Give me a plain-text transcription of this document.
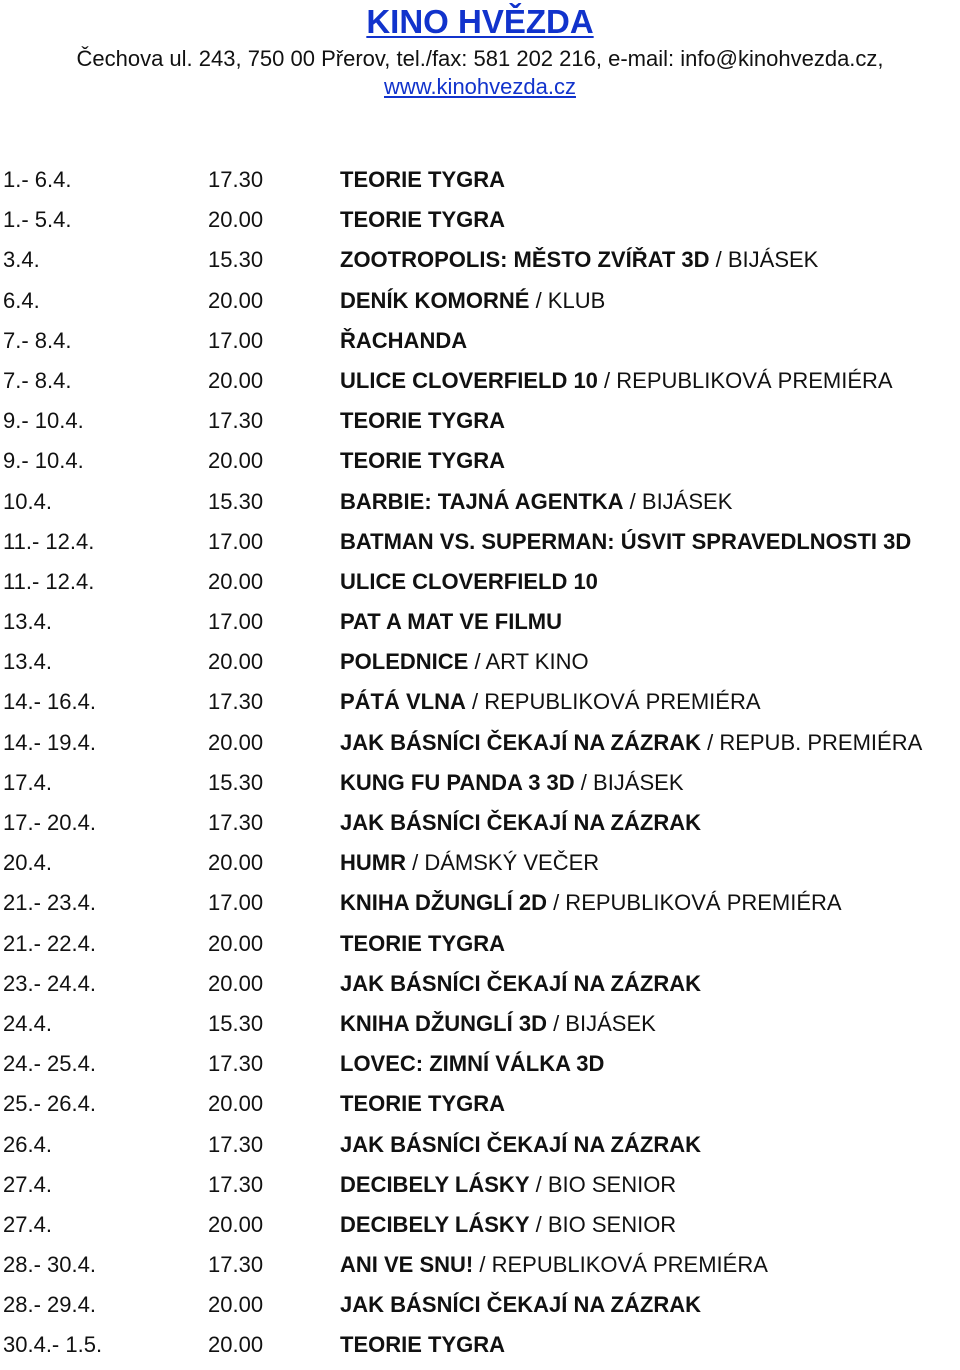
KINO HVĚZDA
Čechova ul. 243, 750 00 Přerov, tel./fax: 581 202 216, e-mail: info@kinohvezda.cz,
www.kinohvezda.cz
1.- 6.4.	17.30	TEORIE TYGRA
1.- 5.4.	20.00	TEORIE TYGRA
3.4.	15.30	ZOOTROPOLIS: MĚSTO ZVÍŘAT 3D / BIJÁSEK
6.4.	20.00	DENÍK KOMORNÉ / KLUB
7.- 8.4.	17.00	ŘACHANDA
7.- 8.4.	20.00	ULICE CLOVERFIELD 10 / REPUBLIKOVÁ PREMIÉRA
9.- 10.4.	17.30	TEORIE TYGRA
9.- 10.4.	20.00	TEORIE TYGRA
10.4.	15.30	BARBIE: TAJNÁ AGENTKA / BIJÁSEK
11.- 12.4.	17.00	BATMAN VS. SUPERMAN: ÚSVIT SPRAVEDLNOSTI 3D
11.- 12.4.	20.00	ULICE CLOVERFIELD 10
13.4.	17.00	PAT A MAT VE FILMU
13.4.	20.00	POLEDNICE / ART KINO
14.- 16.4.	17.30	PÁTÁ VLNA / REPUBLIKOVÁ PREMIÉRA
14.- 19.4.	20.00	JAK BÁSNÍCI ČEKAJÍ NA ZÁZRAK / REPUB. PREMIÉRA
17.4.	15.30	KUNG FU PANDA 3 3D / BIJÁSEK
17.- 20.4.	17.30	JAK BÁSNÍCI ČEKAJÍ NA ZÁZRAK
20.4.	20.00	HUMR / DÁMSKÝ VEČER
21.- 23.4.	17.00	KNIHA DŽUNGLÍ 2D / REPUBLIKOVÁ PREMIÉRA
21.- 22.4.	20.00	TEORIE TYGRA
23.- 24.4.	20.00	JAK BÁSNÍCI ČEKAJÍ NA ZÁZRAK
24.4.	15.30	KNIHA DŽUNGLÍ 3D / BIJÁSEK
24.- 25.4.	17.30	LOVEC: ZIMNÍ VÁLKA 3D
25.- 26.4.	20.00	TEORIE TYGRA
26.4.	17.30	JAK BÁSNÍCI ČEKAJÍ NA ZÁZRAK
27.4.	17.30	DECIBELY LÁSKY / BIO SENIOR
27.4.	20.00	DECIBELY LÁSKY / BIO SENIOR
28.- 30.4.	17.30	ANI VE SNU! / REPUBLIKOVÁ PREMIÉRA
28.- 29.4.	20.00	JAK BÁSNÍCI ČEKAJÍ NA ZÁZRAK
30.4.- 1.5.	20.00	TEORIE TYGRA
